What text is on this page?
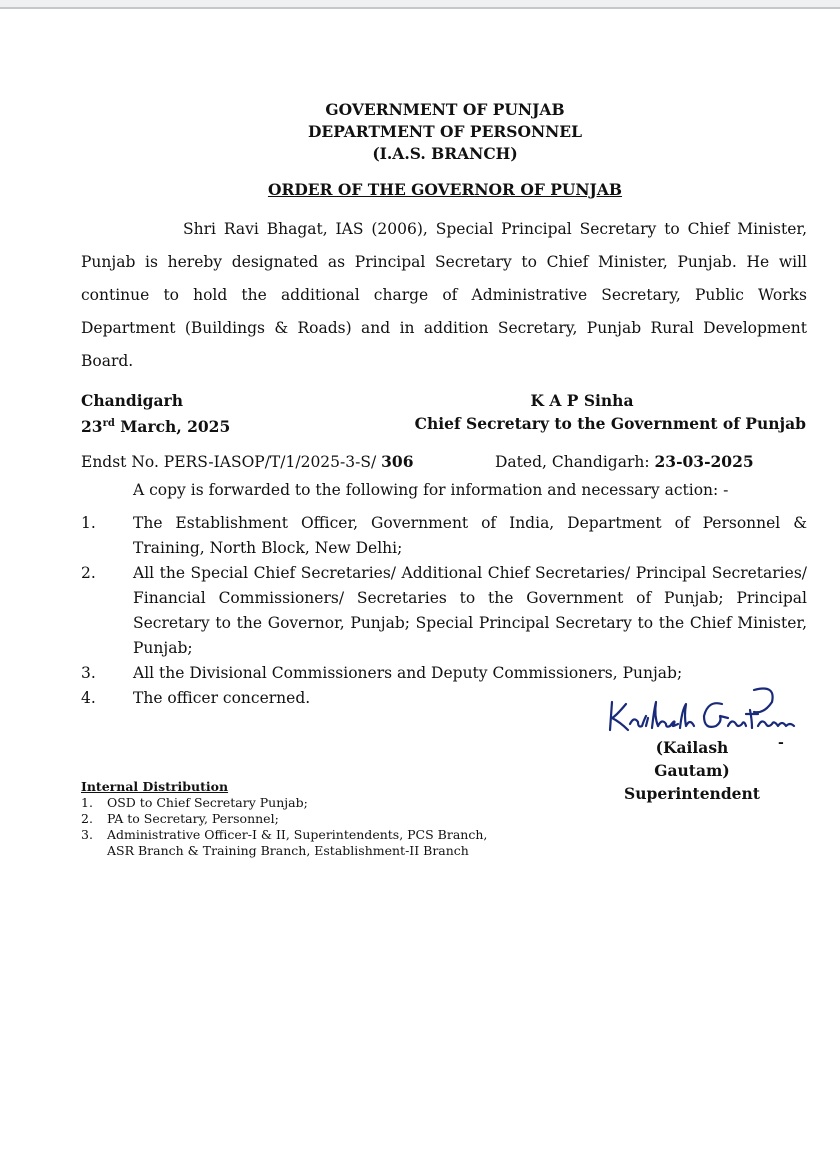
GOVERNMENT OF PUNJAB
DEPARTMENT OF PERSONNEL
(I.A.S. BRANCH)
ORDER OF THE GOVERNOR OF PUNJAB
Shri Ravi Bhagat, IAS (2006), Special Principal Secretary to Chief Minister, Punjab is hereby designated as Principal Secretary to Chief Minister, Punjab. He will continue to hold the additional charge of Administrative Secretary, Public Works Department (Buildings & Roads) and in addition Secretary, Punjab Rural Development Board.
Chandigarh
23rd March, 2025
K A P Sinha
Chief Secretary to the Government of Punjab
Endst No. PERS-IASOP/T/1/2025-3-S/ 306	Dated, Chandigarh: 23-03-2025
A copy is forwarded to the following for information and necessary action: -
1.	The Establishment Officer, Government of India, Department of Personnel & Training, North Block, New Delhi;
2.	All the Special Chief Secretaries/ Additional Chief Secretaries/ Principal Secretaries/ Financial Commissioners/ Secretaries to the Government of Punjab; Principal Secretary to the Governor, Punjab; Special Principal Secretary to the Chief Minister, Punjab;
3.	All the Divisional Commissioners and Deputy Commissioners, Punjab;
4.	The officer concerned.
(Kailash Gautam)
Superintendent
-
Internal Distribution
1.	OSD to Chief Secretary Punjab;
2.	PA to Secretary, Personnel;
3.	Administrative Officer-I & II, Superintendents, PCS Branch,
ASR Branch & Training Branch, Establishment-II Branch
